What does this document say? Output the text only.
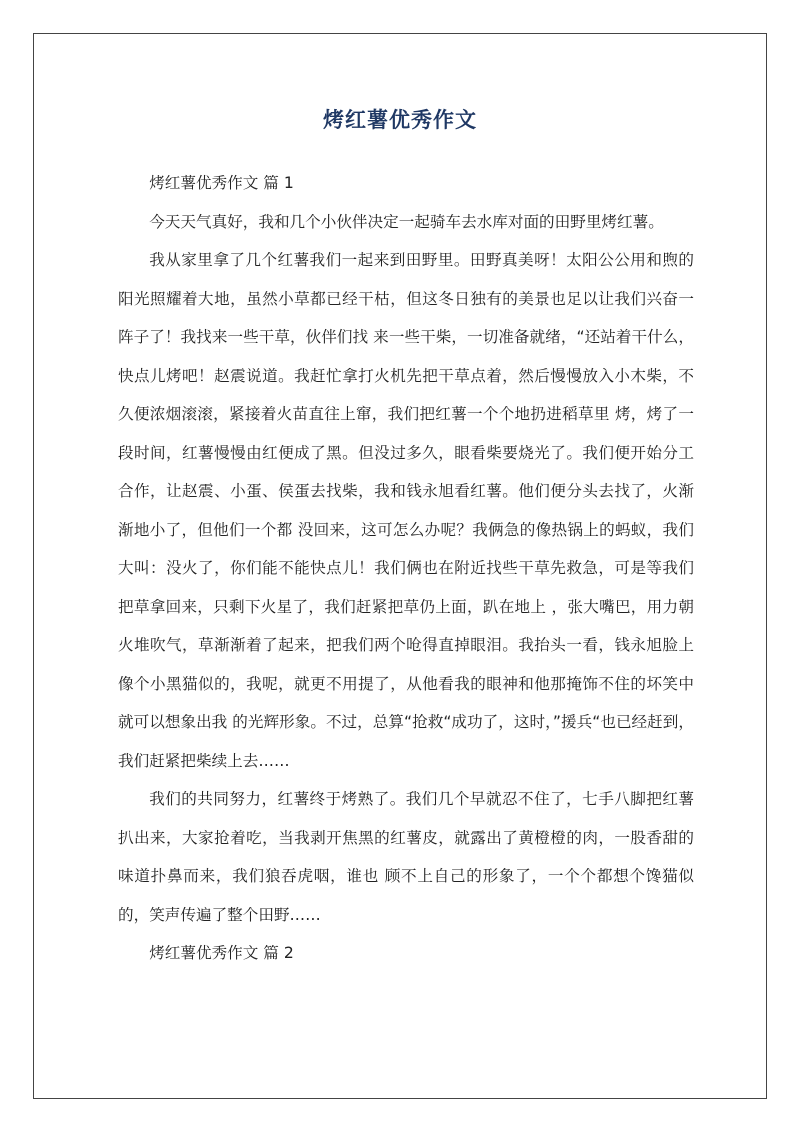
烤红薯优秀作文

烤红薯优秀作文 篇 1

今天天气真好，我和几个小伙伴决定一起骑车去水库对面的田野里烤红薯。

我从家里拿了几个红薯我们一起来到田野里。田野真美呀！太阳公公用和煦的阳光照耀着大地，虽然小草都已经干枯，但这冬日独有的美景也足以让我们兴奋一阵子了！我找来一些干草，伙伴们找 来一些干柴，一切准备就绪，“还站着干什么，快点儿烤吧！赵震说道。我赶忙拿打火机先把干草点着，然后慢慢放入小木柴，不久便浓烟滚滚，紧接着火苗直往上窜，我们把红薯一个个地扔进稻草里 烤，烤了一段时间，红薯慢慢由红便成了黑。但没过多久，眼看柴要烧光了。我们便开始分工合作，让赵震、小蛋、侯蛋去找柴，我和钱永旭看红薯。他们便分头去找了，火渐渐地小了，但他们一个都 没回来，这可怎么办呢？我俩急的像热锅上的蚂蚁，我们大叫：没火了，你们能不能快点儿！我们俩也在附近找些干草先救急，可是等我们把草拿回来，只剩下火星了，我们赶紧把草仍上面，趴在地上 ，张大嘴巴，用力朝火堆吹气，草渐渐着了起来，把我们两个呛得直掉眼泪。我抬头一看，钱永旭脸上像个小黑猫似的，我呢，就更不用提了，从他看我的眼神和他那掩饰不住的坏笑中就可以想象出我 的光辉形象。不过，总算“抢救“成功了，这时，”援兵“也已经赶到，我们赶紧把柴续上去……

我们的共同努力，红薯终于烤熟了。我们几个早就忍不住了，七手八脚把红薯扒出来，大家抢着吃，当我剥开焦黑的红薯皮，就露出了黄橙橙的肉，一股香甜的味道扑鼻而来，我们狼吞虎咽，谁也 顾不上自己的形象了，一个个都想个馋猫似的，笑声传遍了整个田野……

烤红薯优秀作文 篇 2
